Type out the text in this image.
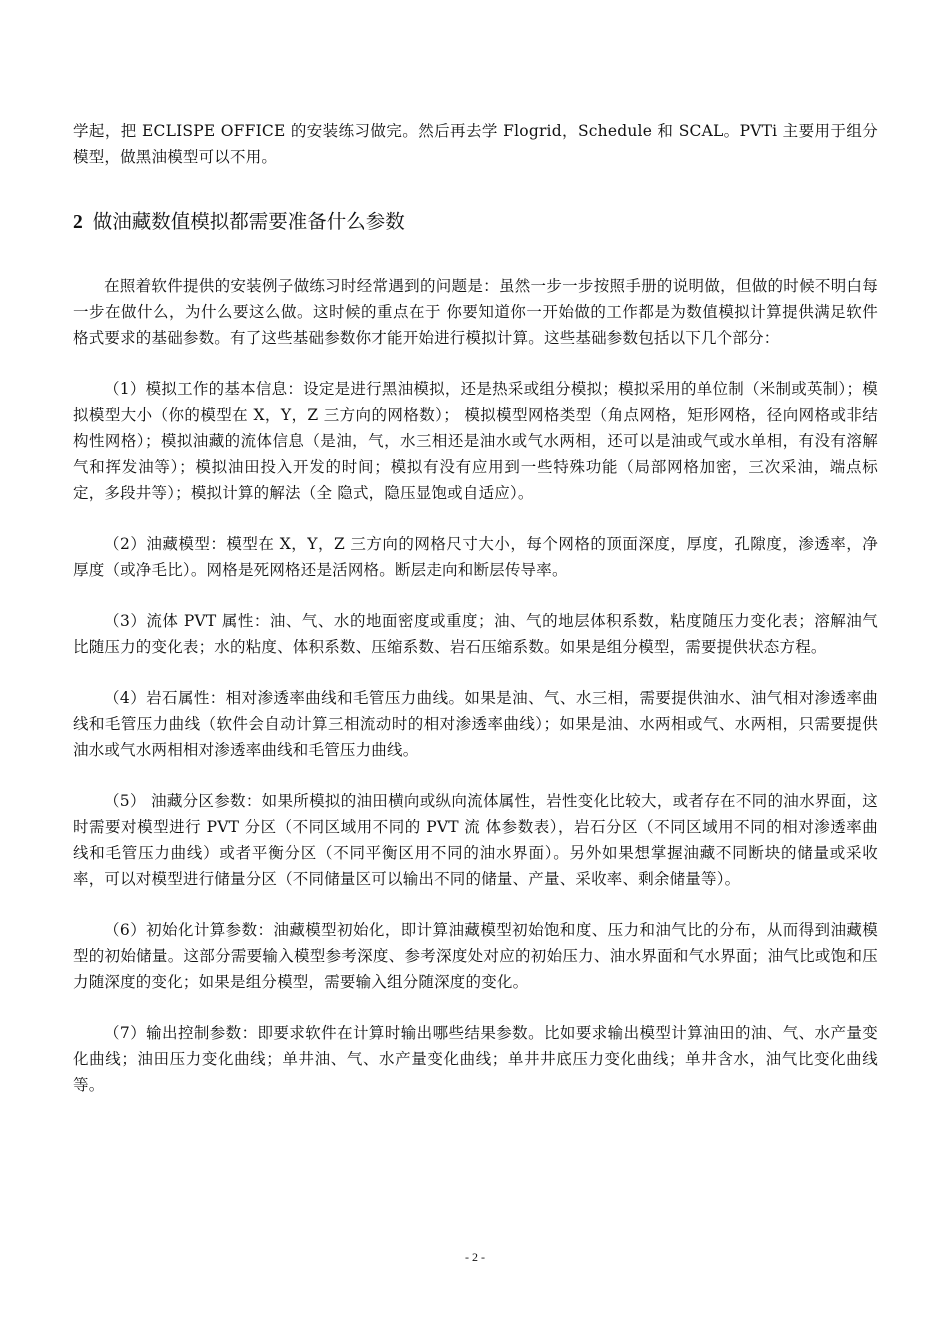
学起，把 ECLISPE OFFICE 的安装练习做完。然后再去学 Flogrid，Schedule 和 SCAL。PVTi 主要用于组分模型，做黑油模型可以不用。

2 做油藏数值模拟都需要准备什么参数

在照着软件提供的安装例子做练习时经常遇到的问题是：虽然一步一步按照手册的说明做，但做的时候不明白每一步在做什么，为什么要这么做。这时候的重点在于 你要知道你一开始做的工作都是为数值模拟计算提供满足软件格式要求的基础参数。有了这些基础参数你才能开始进行模拟计算。这些基础参数包括以下几个部分：

（1）模拟工作的基本信息：设定是进行黑油模拟，还是热采或组分模拟；模拟采用的单位制（米制或英制）；模拟模型大小（你的模型在 X，Y，Z 三方向的网格数）； 模拟模型网格类型（角点网格，矩形网格，径向网格或非结构性网格）；模拟油藏的流体信息（是油，气，水三相还是油水或气水两相，还可以是油或气或水单相，有没有溶解气和挥发油等）；模拟油田投入开发的时间；模拟有没有应用到一些特殊功能（局部网格加密，三次采油，端点标定，多段井等）；模拟计算的解法（全 隐式，隐压显饱或自适应）。

（2）油藏模型：模型在 X，Y，Z 三方向的网格尺寸大小，每个网格的顶面深度，厚度，孔隙度，渗透率，净厚度（或净毛比）。网格是死网格还是活网格。断层走向和断层传导率。

（3）流体 PVT 属性：油、气、水的地面密度或重度；油、气的地层体积系数，粘度随压力变化表；溶解油气比随压力的变化表；水的粘度、体积系数、压缩系数、岩石压缩系数。如果是组分模型，需要提供状态方程。

（4）岩石属性：相对渗透率曲线和毛管压力曲线。如果是油、气、水三相，需要提供油水、油气相对渗透率曲线和毛管压力曲线（软件会自动计算三相流动时的相对渗透率曲线）；如果是油、水两相或气、水两相，只需要提供油水或气水两相相对渗透率曲线和毛管压力曲线。

（5） 油藏分区参数：如果所模拟的油田横向或纵向流体属性，岩性变化比较大，或者存在不同的油水界面，这时需要对模型进行 PVT 分区（不同区域用不同的 PVT 流 体参数表），岩石分区（不同区域用不同的相对渗透率曲线和毛管压力曲线）或者平衡分区（不同平衡区用不同的油水界面）。另外如果想掌握油藏不同断块的储量或采收率，可以对模型进行储量分区（不同储量区可以输出不同的储量、产量、采收率、剩余储量等）。

（6）初始化计算参数：油藏模型初始化，即计算油藏模型初始饱和度、压力和油气比的分布，从而得到油藏模型的初始储量。这部分需要输入模型参考深度、参考深度处对应的初始压力、油水界面和气水界面；油气比或饱和压力随深度的变化；如果是组分模型，需要输入组分随深度的变化。

（7）输出控制参数：即要求软件在计算时输出哪些结果参数。比如要求输出模型计算油田的油、气、水产量变化曲线；油田压力变化曲线；单井油、气、水产量变化曲线；单井井底压力变化曲线；单井含水，油气比变化曲线等。

- 2 -
